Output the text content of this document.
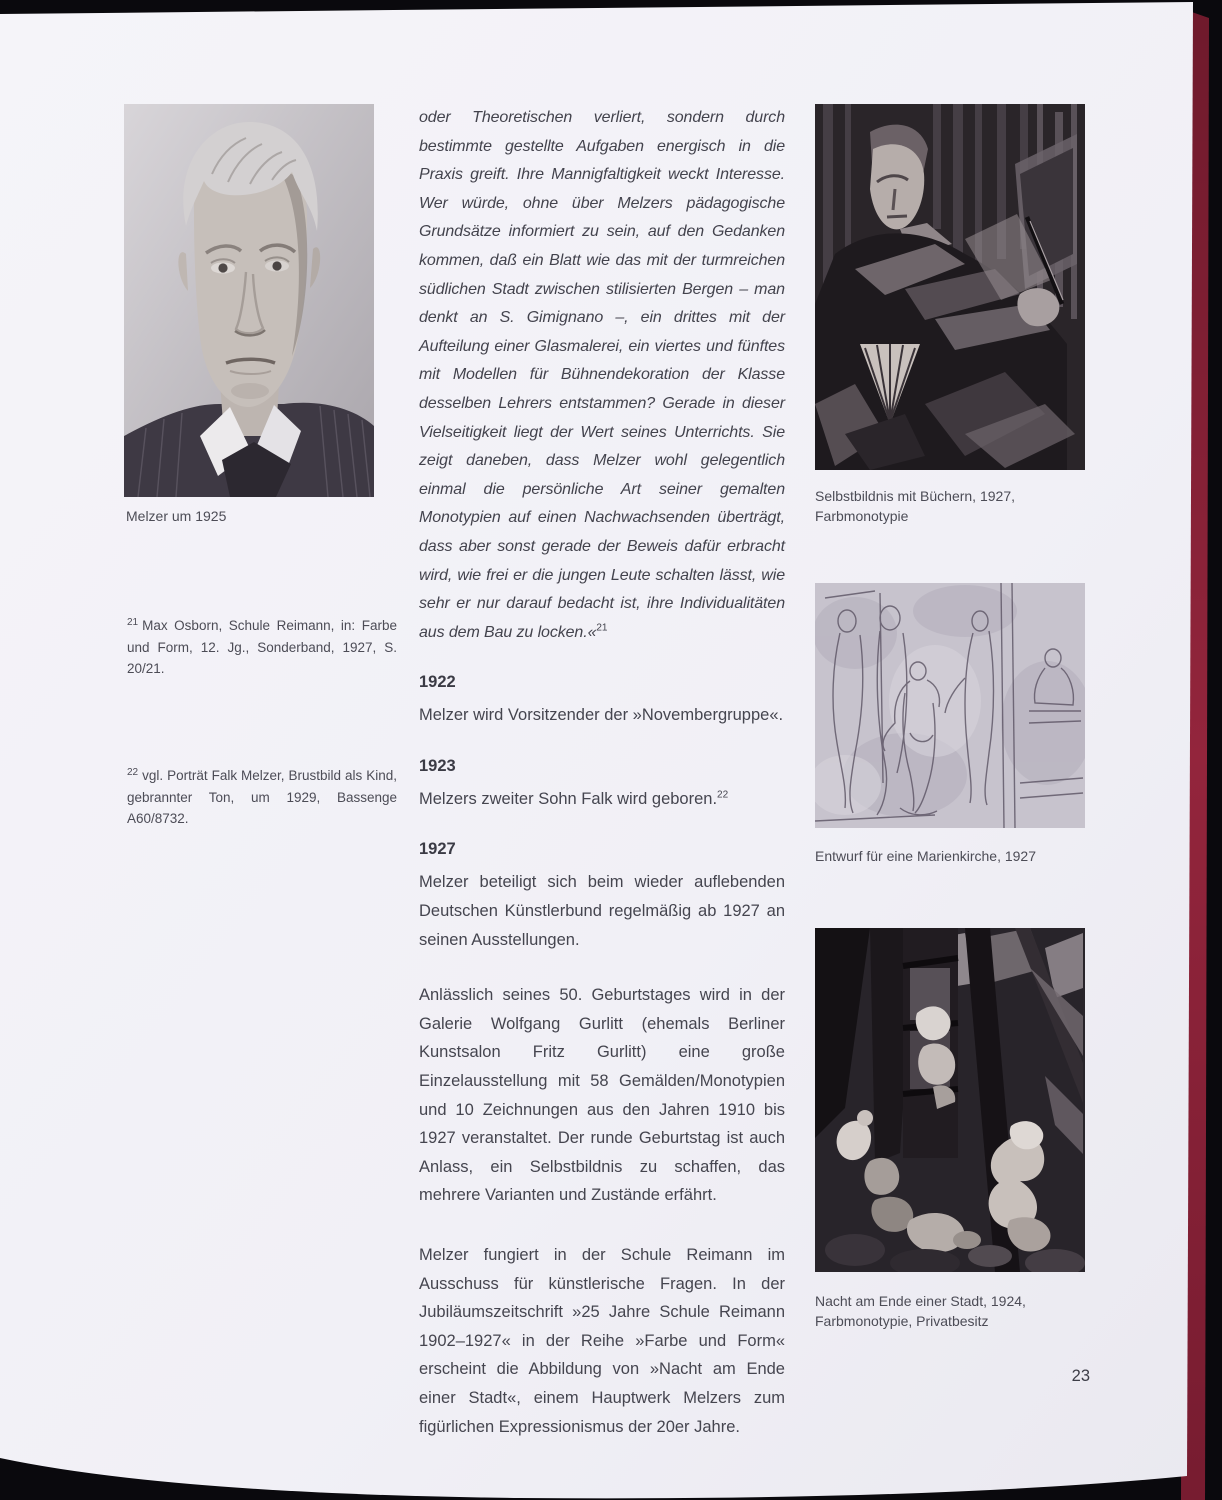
Melzer um 1925
$^{21}$ Max Osborn, Schule Reimann, in: Farbe und Form, 12. Jg., Sonderband, 1927, S. 20/21.
$^{22}$ vgl. Porträt Falk Melzer, Brustbild als Kind, gebrannter Ton, um 1929, Bassenge A60/8732.

oder Theoretischen verliert, sondern durch bestimmte gestellte Aufgaben energisch in die Praxis greift. Ihre Mannigfaltigkeit weckt Interesse. Wer würde, ohne über Melzers pädagogische Grundsätze informiert zu sein, auf den Gedanken kommen, daß ein Blatt wie das mit der turmreichen südlichen Stadt zwischen stilisierten Bergen – man denkt an S. Gimignano –, ein drittes mit der Aufteilung einer Glasmalerei, ein viertes und fünftes mit Modellen für Bühnendekoration der Klasse desselben Lehrers entstammen? Gerade in dieser Vielseitigkeit liegt der Wert seines Unterrichts. Sie zeigt daneben, dass Melzer wohl gelegentlich einmal die persönliche Art seiner gemalten Monotypien auf einen Nachwachsenden überträgt, dass aber sonst gerade der Beweis dafür erbracht wird, wie frei er die jungen Leute schalten lässt, wie sehr er nur darauf bedacht ist, ihre Individualitäten aus dem Bau zu locken.«$^{21}$

1922

Melzer wird Vorsitzender der »Novembergruppe«.

1923

Melzers zweiter Sohn Falk wird geboren.$^{22}$

1927

Melzer beteiligt sich beim wieder auflebenden Deutschen Künstlerbund regelmäßig ab 1927 an seinen Ausstellungen.

Anlässlich seines 50. Geburtstages wird in der Galerie Wolfgang Gurlitt (ehemals Berliner Kunstsalon Fritz Gurlitt) eine große Einzelausstellung mit 58 Gemälden/Monotypien und 10 Zeichnungen aus den Jahren 1910 bis 1927 veranstaltet. Der runde Geburtstag ist auch Anlass, ein Selbstbildnis zu schaffen, das mehrere Varianten und Zustände erfährt.

Melzer fungiert in der Schule Reimann im Ausschuss für künstlerische Fragen. In der Jubiläumszeitschrift »25 Jahre Schule Reimann 1902–1927« in der Reihe »Farbe und Form« erscheint die Abbildung von »Nacht am Ende einer Stadt«, einem Hauptwerk Melzers zum figürlichen Expressionismus der 20er Jahre.

Selbstbildnis mit Büchern, 1927, Farbmonotypie
Entwurf für eine Marienkirche, 1927
Nacht am Ende einer Stadt, 1924, Farbmonotypie, Privatbesitz
23
